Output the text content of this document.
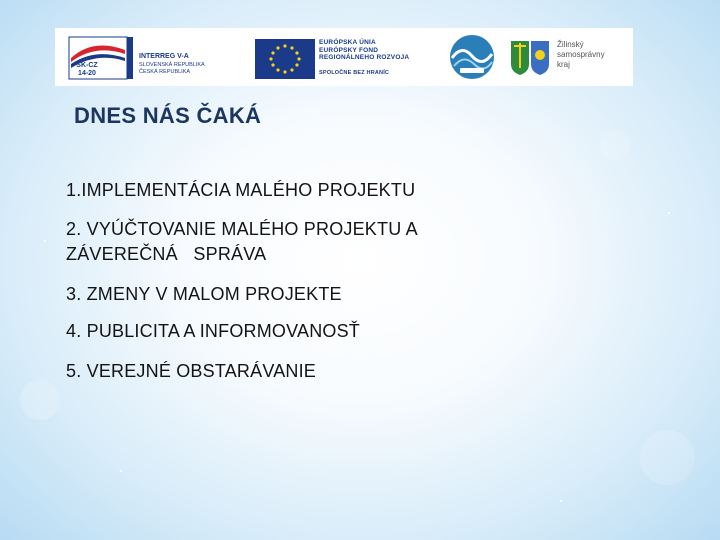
SK-CZ
14-20
INTERREG V-A
SLOVENSKÁ REPUBLIKA
ČESKÁ REPUBLIKA
EURÓPSKA ÚNIA
EURÓPSKY FOND
REGIONÁLNEHO ROZVOJA
SPOLOČNE BEZ HRANÍC
Žilinský
samosprávny
kraj
DNES NÁS ČAKÁ
1.IMPLEMENTÁCIA MALÉHO PROJEKTU
2. VYÚČTOVANIE MALÉHO PROJEKTU A
ZÁVEREČNÁ   SPRÁVA
3. ZMENY V MALOM PROJEKTE
4. PUBLICITA A INFORMOVANOSŤ
5. VEREJNÉ OBSTARÁVANIE
